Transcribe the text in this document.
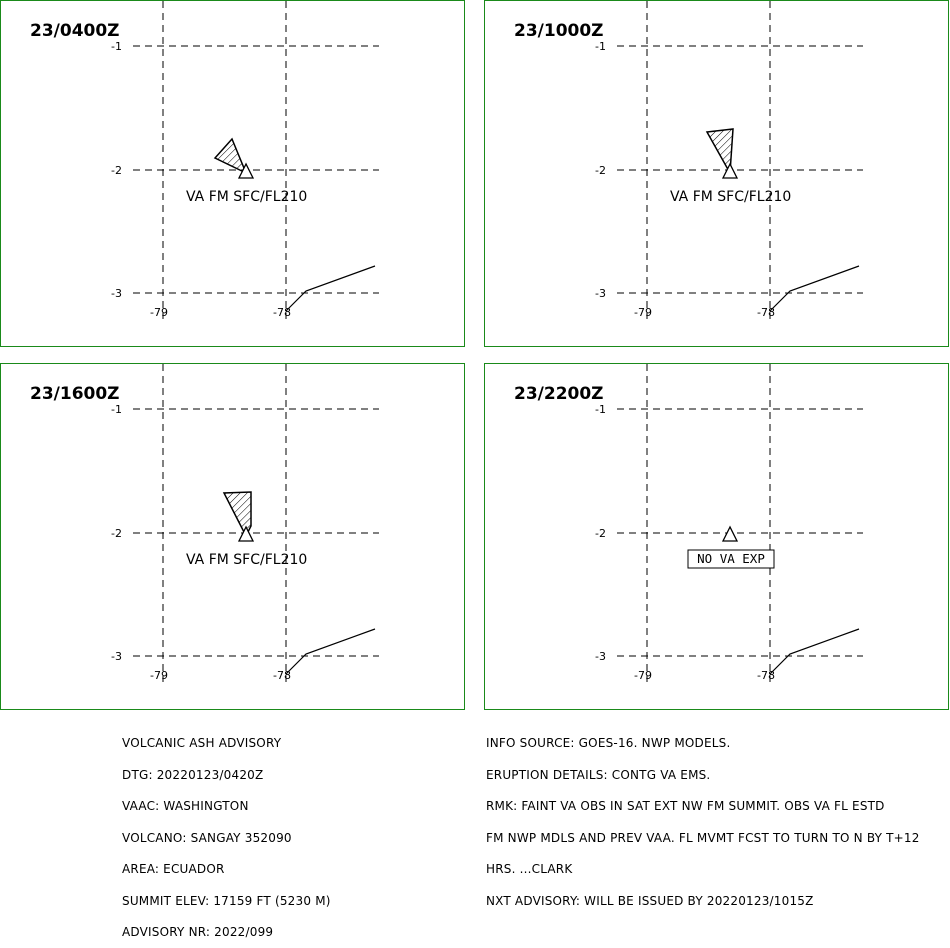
23/0400Z
-1
-2
-3
-79	-78
VA FM SFC/FL210
23/1000Z
-1
-2
-3
-79	-78
VA FM SFC/FL210
23/1600Z
-1
-2
-3
-79	-78
VA FM SFC/FL210
23/2200Z
-1
-2
-3
-79	-78
NO VA EXP

VOLCANIC ASH ADVISORY

DTG: 20220123/0420Z

VAAC: WASHINGTON

VOLCANO: SANGAY 352090

AREA: ECUADOR

SUMMIT ELEV: 17159 FT (5230 M)

ADVISORY NR: 2022/099

INFO SOURCE: GOES-16. NWP MODELS.

ERUPTION DETAILS: CONTG VA EMS.

RMK: FAINT VA OBS IN SAT EXT NW FM SUMMIT. OBS VA FL ESTD

FM NWP MDLS AND PREV VAA. FL MVMT FCST TO TURN TO N BY T+12

HRS. ...CLARK

NXT ADVISORY: WILL BE ISSUED BY 20220123/1015Z
